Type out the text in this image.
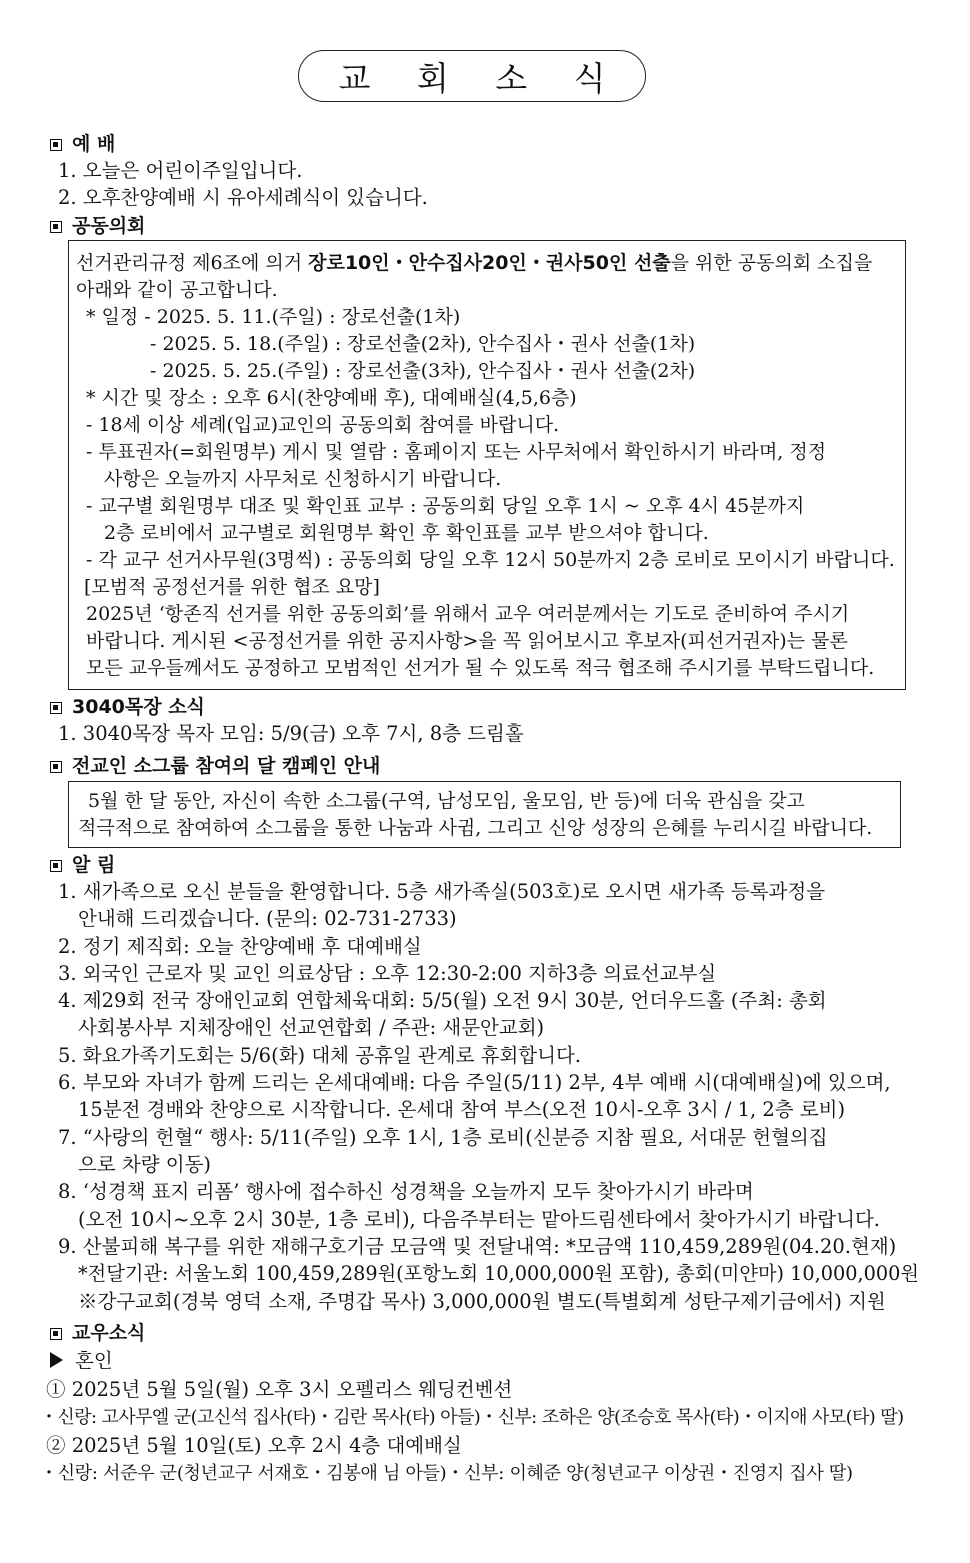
교 회 소 식
예 배
1. 오늘은 어린이주일입니다.
2. 오후찬양예배 시 유아세례식이 있습니다.
공동의회
선거관리규정 제6조에 의거 장로10인・안수집사20인・권사50인 선출을 위한 공동의회 소집을
아래와 같이 공고합니다.
* 일정 - 2025. 5. 11.(주일) : 장로선출(1차)
- 2025. 5. 18.(주일) : 장로선출(2차), 안수집사・권사 선출(1차)
- 2025. 5. 25.(주일) : 장로선출(3차), 안수집사・권사 선출(2차)
* 시간 및 장소 : 오후 6시(찬양예배 후), 대예배실(4,5,6층)
- 18세 이상 세례(입교)교인의 공동의회 참여를 바랍니다.
- 투표권자(=회원명부) 게시 및 열람 : 홈페이지 또는 사무처에서 확인하시기 바라며, 정정
사항은 오늘까지 사무처로 신청하시기 바랍니다.
- 교구별 회원명부 대조 및 확인표 교부 : 공동의회 당일 오후 1시 ~ 오후 4시 45분까지
2층 로비에서 교구별로 회원명부 확인 후 확인표를 교부 받으셔야 합니다.
- 각 교구 선거사무원(3명씩) : 공동의회 당일 오후 12시 50분까지 2층 로비로 모이시기 바랍니다.
[모범적 공정선거를 위한 협조 요망]
2025년 ‘항존직 선거를 위한 공동의회’를 위해서 교우 여러분께서는 기도로 준비하여 주시기
바랍니다. 게시된 <공정선거를 위한 공지사항>을 꼭 읽어보시고 후보자(피선거권자)는 물론
모든 교우들께서도 공정하고 모범적인 선거가 될 수 있도록 적극 협조해 주시기를 부탁드립니다.
3040목장 소식
1. 3040목장 목자 모임: 5/9(금) 오후 7시, 8층 드림홀
전교인 소그룹 참여의 달 캠페인 안내
5월 한 달 동안, 자신이 속한 소그룹(구역, 남성모임, 울모임, 반 등)에 더욱 관심을 갖고
적극적으로 참여하여 소그룹을 통한 나눔과 사귐, 그리고 신앙 성장의 은혜를 누리시길 바랍니다.
알 림
1. 새가족으로 오신 분들을 환영합니다. 5층 새가족실(503호)로 오시면 새가족 등록과정을
안내해 드리겠습니다. (문의: 02-731-2733)
2. 정기 제직회: 오늘 찬양예배 후 대예배실
3. 외국인 근로자 및 교인 의료상담 : 오후 12:30-2:00 지하3층 의료선교부실
4. 제29회 전국 장애인교회 연합체육대회: 5/5(월) 오전 9시 30분, 언더우드홀 (주최: 총회
사회봉사부 지체장애인 선교연합회 / 주관: 새문안교회)
5. 화요가족기도회는 5/6(화) 대체 공휴일 관계로 휴회합니다.
6. 부모와 자녀가 함께 드리는 온세대예배: 다음 주일(5/11) 2부, 4부 예배 시(대예배실)에 있으며,
15분전 경배와 찬양으로 시작합니다. 온세대 참여 부스(오전 10시-오후 3시 / 1, 2층 로비)
7. “사랑의 헌혈“ 행사: 5/11(주일) 오후 1시, 1층 로비(신분증 지참 필요, 서대문 헌혈의집
으로 차량 이동)
8. ‘성경책 표지 리폼’ 행사에 접수하신 성경책을 오늘까지 모두 찾아가시기 바라며
(오전 10시~오후 2시 30분, 1층 로비), 다음주부터는 맡아드림센타에서 찾아가시기 바랍니다.
9. 산불피해 복구를 위한 재해구호기금 모금액 및 전달내역: *모금액 110,459,289원(04.20.현재)
*전달기관: 서울노회 100,459,289원(포항노회 10,000,000원 포함), 총회(미얀마) 10,000,000원
※강구교회(경북 영덕 소재, 주명갑 목사) 3,000,000원 별도(특별회계 성탄구제기금에서) 지원
교우소식
혼인
① 2025년 5월 5일(월) 오후 3시 오펠리스 웨딩컨벤션
・신랑: 고사무엘 군(고신석 집사(타)・김란 목사(타) 아들)・신부: 조하은 양(조승호 목사(타)・이지애 사모(타) 딸)
② 2025년 5월 10일(토) 오후 2시 4층 대예배실
・신랑: 서준우 군(청년교구 서재호・김봉애 님 아들)・신부: 이혜준 양(청년교구 이상권・진영지 집사 딸)
